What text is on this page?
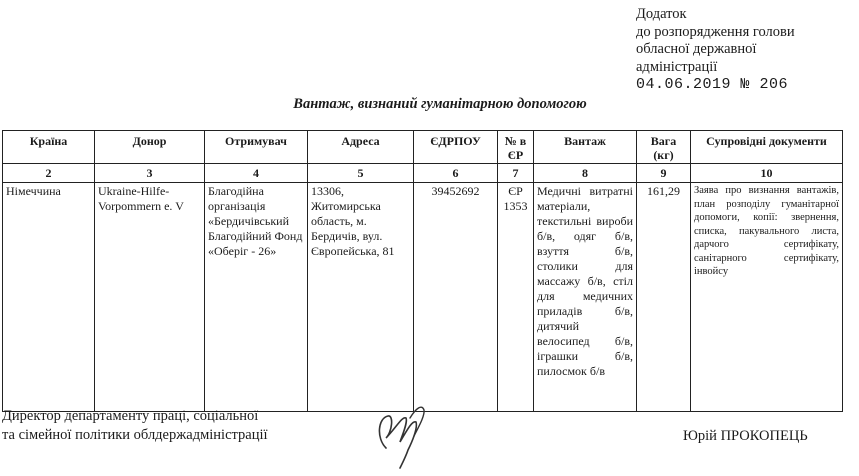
Додаток
до розпорядження голови
обласної державної
адміністрації
04.06.2019 № 206
Вантаж, визнаний гуманітарною допомогою
Країна	Донор	Отримувач	Адреса	ЄДРПОУ	№ в ЄР	Вантаж	Вага (кг)	Супровідні документи
2	3	4	5	6	7	8	9	10
Німеччина	Ukraine-Hilfe-Vorpommern e. V	Благодійна організація «Бердичівський Благодійний Фонд «Оберіг - 26»	13306, Житомирська область, м. Бердичів, вул. Європейська, 81	39452692	ЄР 1353	Медичні витратні матеріали, текстильні вироби б/в, одяг б/в, взуття б/в, столики для массажу б/в, стіл для медичних приладів б/в, дитячий велосипед б/в, іграшки б/в, пилосмок б/в	161,29	Заява про визнання вантажів, план розподілу гуманітарної допомоги, копії: звернення, списка, пакувального листа, дарчого сертифікату, санітарного сертифікату, інвойсу
Директор департаменту праці, соціальної
та сімейної політики облдержадміністрації	Юрій ПРОКОПЕЦЬ
